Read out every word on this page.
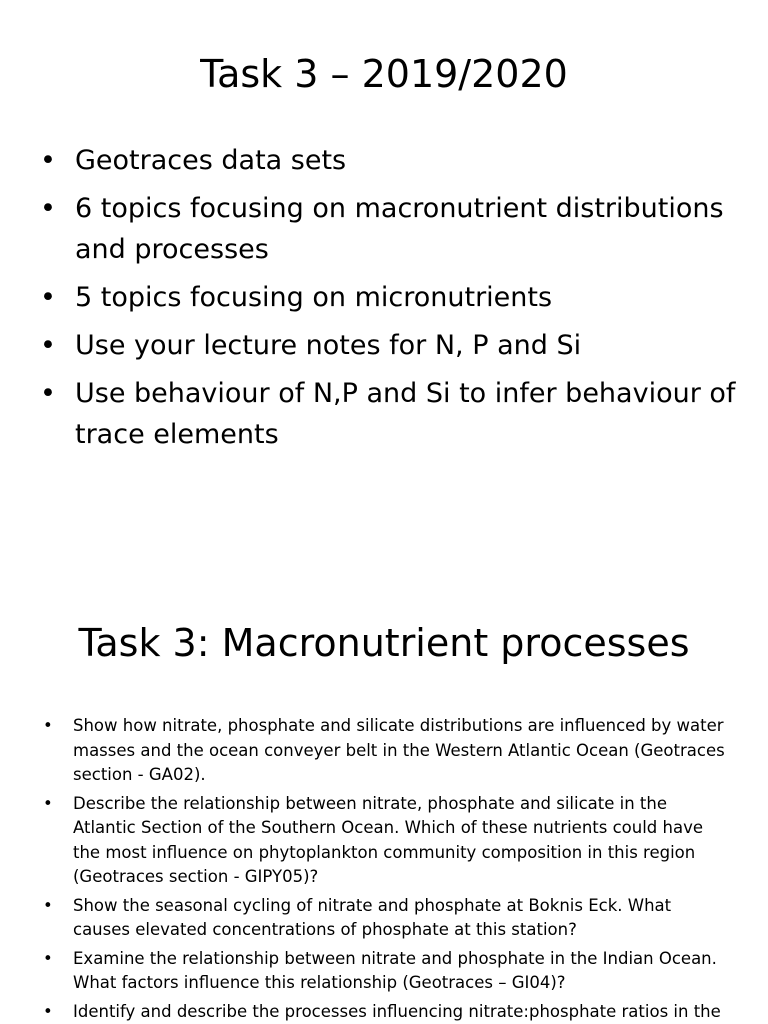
Task 3 – 2019/2020
• Geotraces data sets
• 6 topics focusing on macronutrient distributions and processes
• 5 topics focusing on micronutrients
• Use your lecture notes for N, P and Si
• Use behaviour of N,P and Si to infer behaviour of trace elements
Task 3: Macronutrient processes
• Show how nitrate, phosphate and silicate distributions are influenced by water masses and the ocean conveyer belt in the Western Atlantic Ocean (Geotraces section - GA02).
• Describe the relationship between nitrate, phosphate and silicate in the Atlantic Section of the Southern Ocean. Which of these nutrients could have the most influence on phytoplankton community composition in this region (Geotraces section - GIPY05)?
• Show the seasonal cycling of nitrate and phosphate at Boknis Eck. What causes elevated concentrations of phosphate at this station?
• Examine the relationship between nitrate and phosphate in the Indian Ocean. What factors influence this relationship (Geotraces – GI04)?
• Identify and describe the processes influencing nitrate:phosphate ratios in the
